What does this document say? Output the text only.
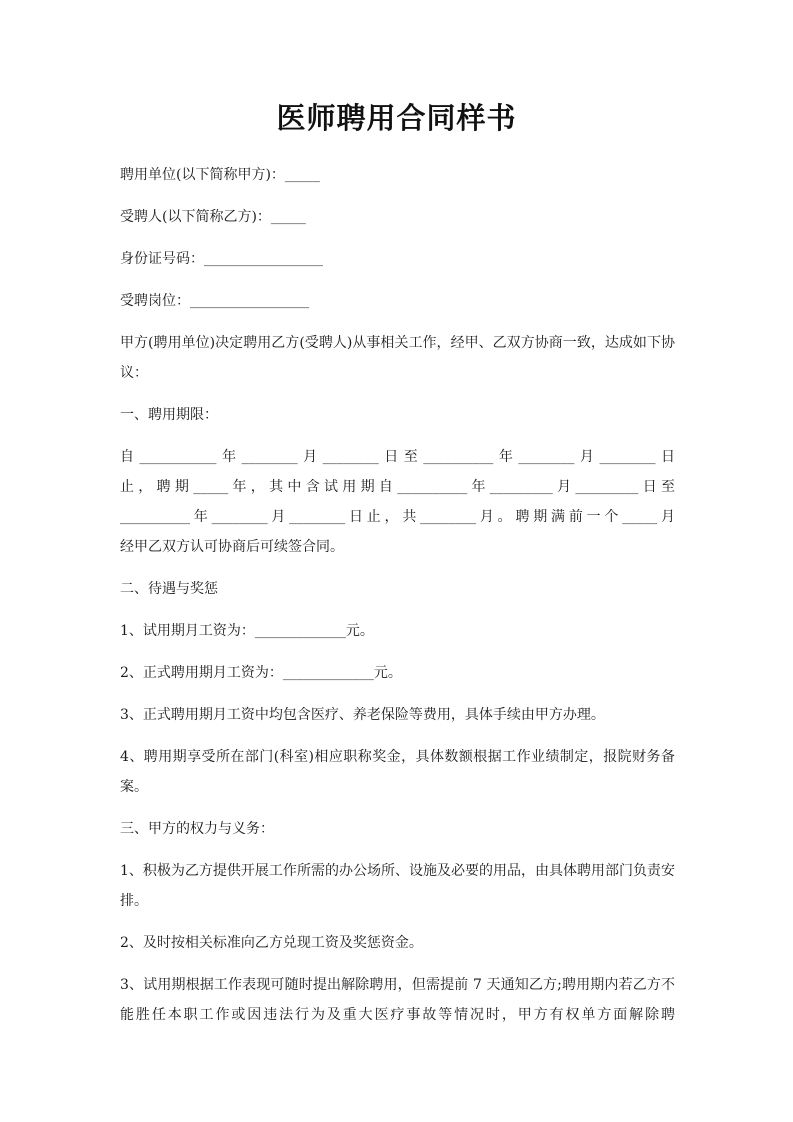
医师聘用合同样书

聘用单位(以下简称甲方)：_____

受聘人(以下简称乙方)：_____

身份证号码：_________________

受聘岗位：_________________

甲方(聘用单位)决定聘用乙方(受聘人)从事相关工作，经甲、乙双方协商一致，达成如下协议：

一、聘用期限：

自___________年________月________日至__________年________月________日
止，聘期_____年，其中含试用期自__________年_________月_________日至
__________年________月________日止，共________月。聘期满前一个_____月
经甲乙双方认可协商后可续签合同。

二、待遇与奖惩

1、试用期月工资为：_____________元。

2、正式聘用期月工资为：_____________元。

3、正式聘用期月工资中均包含医疗、养老保险等费用，具体手续由甲方办理。

4、聘用期享受所在部门(科室)相应职称奖金，具体数额根据工作业绩制定，报院财务备案。

三、甲方的权力与义务：

1、积极为乙方提供开展工作所需的办公场所、设施及必要的用品，由具体聘用部门负责安排。

2、及时按相关标准向乙方兑现工资及奖惩资金。

3、试用期根据工作表现可随时提出解除聘用，但需提前 7 天通知乙方;聘用期内若乙方不能胜任本职工作或因违法行为及重大医疗事故等情况时，甲方有权单方面解除聘
